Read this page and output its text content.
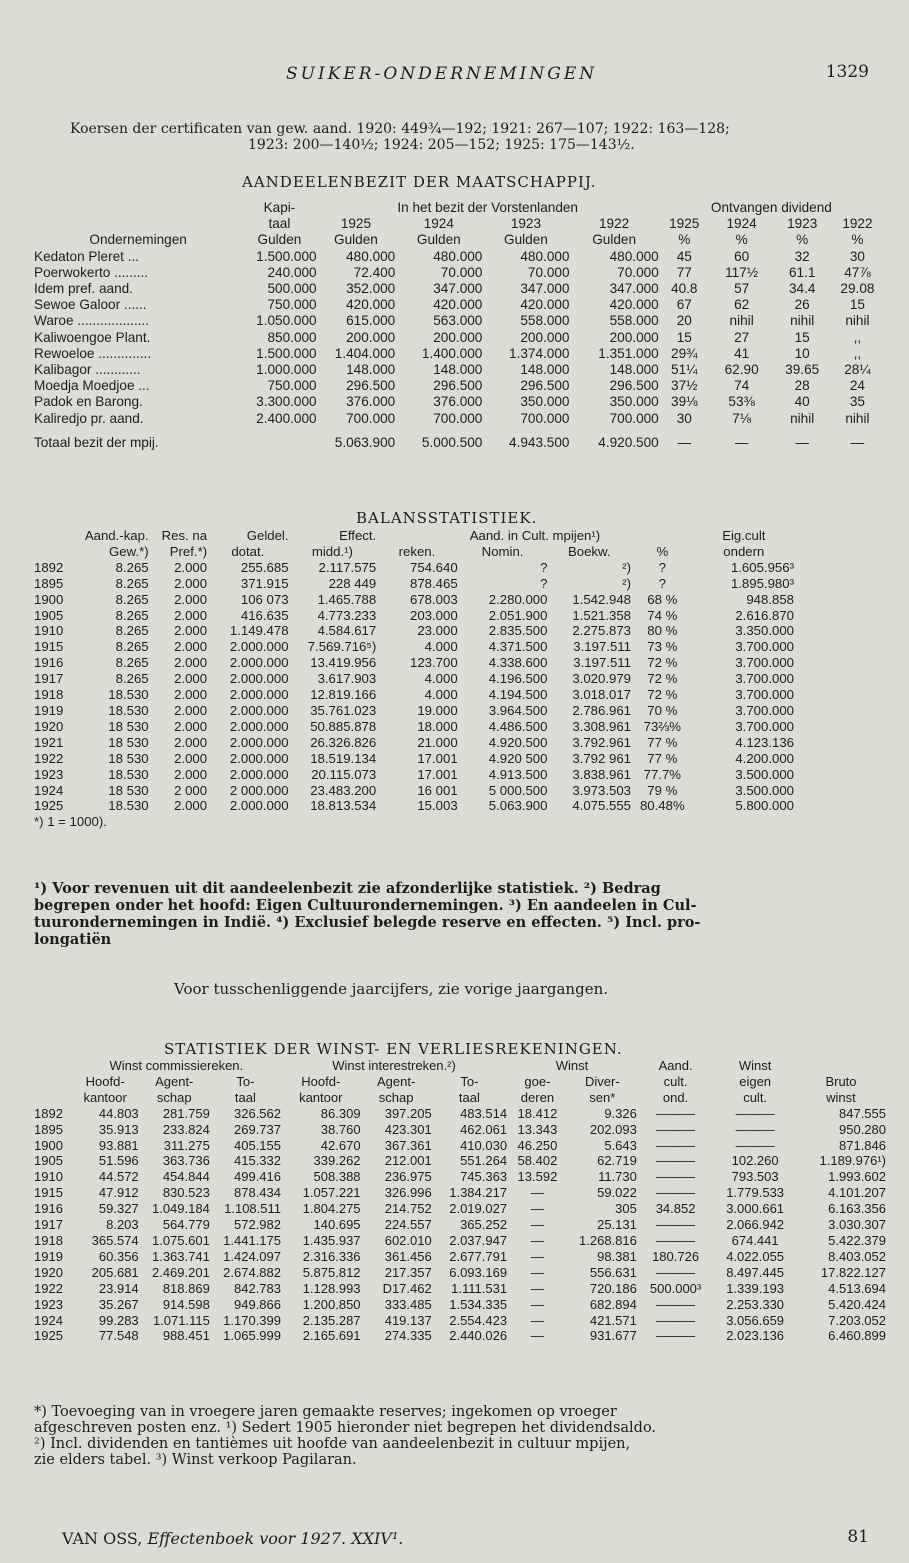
SUIKER-ONDERNEMINGEN	1329
Koersen der certificaten van gew. aand. 1920: 449¾—192; 1921: 267—107; 1922: 163—128;
1923: 200—140½; 1924: 205—152; 1925: 175—143½.
AANDEELENBEZIT DER MAATSCHAPPIJ.
	Kapi-	In het bezit der Vorstenlanden				Ontvangen dividend			
	taal	1925	1924	1923	1922	1925	1924	1923	1922
Ondernemingen	Gulden	Gulden	Gulden	Gulden	Gulden	%	%	%	%
Kedaton Pleret ...	1.500.000	480.000	480.000	480.000	480.000	45	60	32	30
Poerwokerto .........	240.000	72.400	70.000	70.000	70.000	77	117½	61.1	47⅞
Idem pref. aand.	500.000	352.000	347.000	347.000	347.000	40.8	57	34.4	29.08
Sewoe Galoor ......	750.000	420.000	420.000	420.000	420.000	67	62	26	15
Waroe ...................	1.050.000	615.000	563.000	558.000	558.000	20	nihil	nihil	nihil
Kaliwoengoe Plant.	850.000	200.000	200.000	200.000	200.000	15	27	15	,,
Rewoeloe ..............	1.500.000	1.404.000	1.400.000	1.374.000	1.351.000	29¾	41	10	,,
Kalibagor ............	1.000.000	148.000	148.000	148.000	148.000	51¼	62.90	39.65	28¼
Moedja Moedjoe ...	750.000	296.500	296.500	296.500	296.500	37½	74	28	24
Padok en Barong.	3.300.000	376.000	376.000	350.000	350.000	39⅛	53⅜	40	35
Kaliredjo pr. aand.	2.400.000	700.000	700.000	700.000	700.000	30	7⅛	nihil	nihil

Totaal bezit der mpij.		5.063.900	5.000.500	4.943.500	4.920.500	—	—	—	—
BALANSSTATISTIEK.
	Aand.-kap.	Res. na	Geldel.	Effect.	Aand. in Cult. mpijen¹)				Eig.cult
	Gew.*)	Pref.*)	dotat.	midd.¹)	reken.	Nomin.	Boekw.	%	ondern
1892	8.265	2.000	255.685	2.117.575	754.640	?	²)	?	1.605.956³
1895	8.265	2.000	371.915	228 449	878.465	?	²)	?	1.895.980³
1900	8.265	2.000	106 073	1.465.788	678.003	2.280.000	1.542.948	68 %	948.858
1905	8.265	2.000	416.635	4.773.233	203.000	2.051.900	1.521.358	74 %	2.616.870
1910	8.265	2.000	1.149.478	4.584.617	23.000	2.835.500	2.275.873	80 %	3.350.000
1915	8.265	2.000	2.000.000	7.569.716⁵)	4.000	4.371.500	3.197.511	73 %	3.700.000
1916	8.265	2.000	2.000.000	13.419.956	123.700	4.338.600	3.197.511	72 %	3.700.000
1917	8.265	2.000	2.000.000	3.617.903	4.000	4.196.500	3.020.979	72 %	3.700.000
1918	18.530	2.000	2.000.000	12.819.166	4.000	4.194.500	3.018.017	72 %	3.700.000
1919	18.530	2.000	2.000.000	35.761.023	19.000	3.964.500	2.786.961	70 %	3.700.000
1920	18 530	2.000	2.000.000	50.885.878	18.000	4.486.500	3.308.961	73⅔%	3.700.000
1921	18 530	2.000	2.000.000	26.326.826	21.000	4.920.500	3.792.961	77 %	4.123.136
1922	18 530	2.000	2.000.000	18.519.134	17.001	4.920 500	3.792 961	77 %	4.200.000
1923	18.530	2.000	2.000.000	20.115.073	17.001	4.913.500	3.838.961	77.7%	3.500.000
1924	18 530	2 000	2 000.000	23.483.200	16 001	5 000.500	3.973.503	79 %	3.500.000
1925	18.530	2.000	2.000.000	18.813.534	15.003	5.063.900	4.075.555	80.48%	5.800.000
*) 1 = 1000).									
¹) Voor revenuen uit dit aandeelenbezit zie afzonderlijke statistiek. ²) Bedrag
begrepen onder het hoofd: Eigen Cultuurondernemingen. ³) En aandeelen in Cul-
tuurondernemingen in Indië. ⁴) Exclusief belegde reserve en effecten. ⁵) Incl. pro-
longatiën
Voor tusschenliggende jaarcijfers, zie vorige jaargangen.
STATISTIEK DER WINST- EN VERLIESREKENINGEN.
	Winst commissiereken.			Winst interestreken.²)			Winst		Aand.	Winst	
	Hoofd-	Agent-	To-	Hoofd-	Agent-	To-	goe-	Diver-	cult.	eigen	Bruto
	kantoor	schap	taal	kantoor	schap	taal	deren	sen*	ond.	cult.	winst
1892	44.803	281.759	326.562	86.309	397.205	483.514	18.412	9.326	———	———	847.555
1895	35.913	233.824	269.737	38.760	423.301	462.061	13.343	202.093	———	———	950.280
1900	93.881	311.275	405.155	42.670	367.361	410.030	46.250	5.643	———	———	871.846
1905	51.596	363.736	415.332	339.262	212.001	551.264	58.402	62.719	———	102.260	1.189.976¹)
1910	44.572	454.844	499.416	508.388	236.975	745.363	13.592	11.730	———	793.503	1.993.602
1915	47.912	830.523	878.434	1.057.221	326.996	1.384.217	—	59.022	———	1.779.533	4.101.207
1916	59.327	1.049.184	1.108.511	1.804.275	214.752	2.019.027	—	305	34.852	3.000.661	6.163.356
1917	8.203	564.779	572.982	140.695	224.557	365.252	—	25.131	———	2.066.942	3.030.307
1918	365.574	1.075.601	1.441.175	1.435.937	602.010	2.037.947	—	1.268.816	———	674.441	5.422.379
1919	60.356	1.363.741	1.424.097	2.316.336	361.456	2.677.791	—	98.381	180.726	4.022.055	8.403.052
1920	205.681	2.469.201	2.674.882	5.875.812	217.357	6.093.169	—	556.631	———	8.497.445	17.822.127
1922	23.914	818.869	842.783	1.128.993	D17.462	1.111.531	—	720.186	500.000³	1.339.193	4.513.694
1923	35.267	914.598	949.866	1.200.850	333.485	1.534.335	—	682.894	———	2.253.330	5.420.424
1924	99.283	1.071.115	1.170.399	2.135.287	419.137	2.554.423	—	421.571	———	3.056.659	7.203.052
1925	77.548	988.451	1.065.999	2.165.691	274.335	2.440.026	—	931.677	———	2.023.136	6.460.899
*) Toevoeging van in vroegere jaren gemaakte reserves; ingekomen op vroeger
afgeschreven posten enz. ¹) Sedert 1905 hieronder niet begrepen het dividendsaldo.
²) Incl. dividenden en tantièmes uit hoofde van aandeelenbezit in cultuur mpijen,
zie elders tabel. ³) Winst verkoop Pagilaran.
VAN OSS, Effectenboek voor 1927. XXIV¹.	81
